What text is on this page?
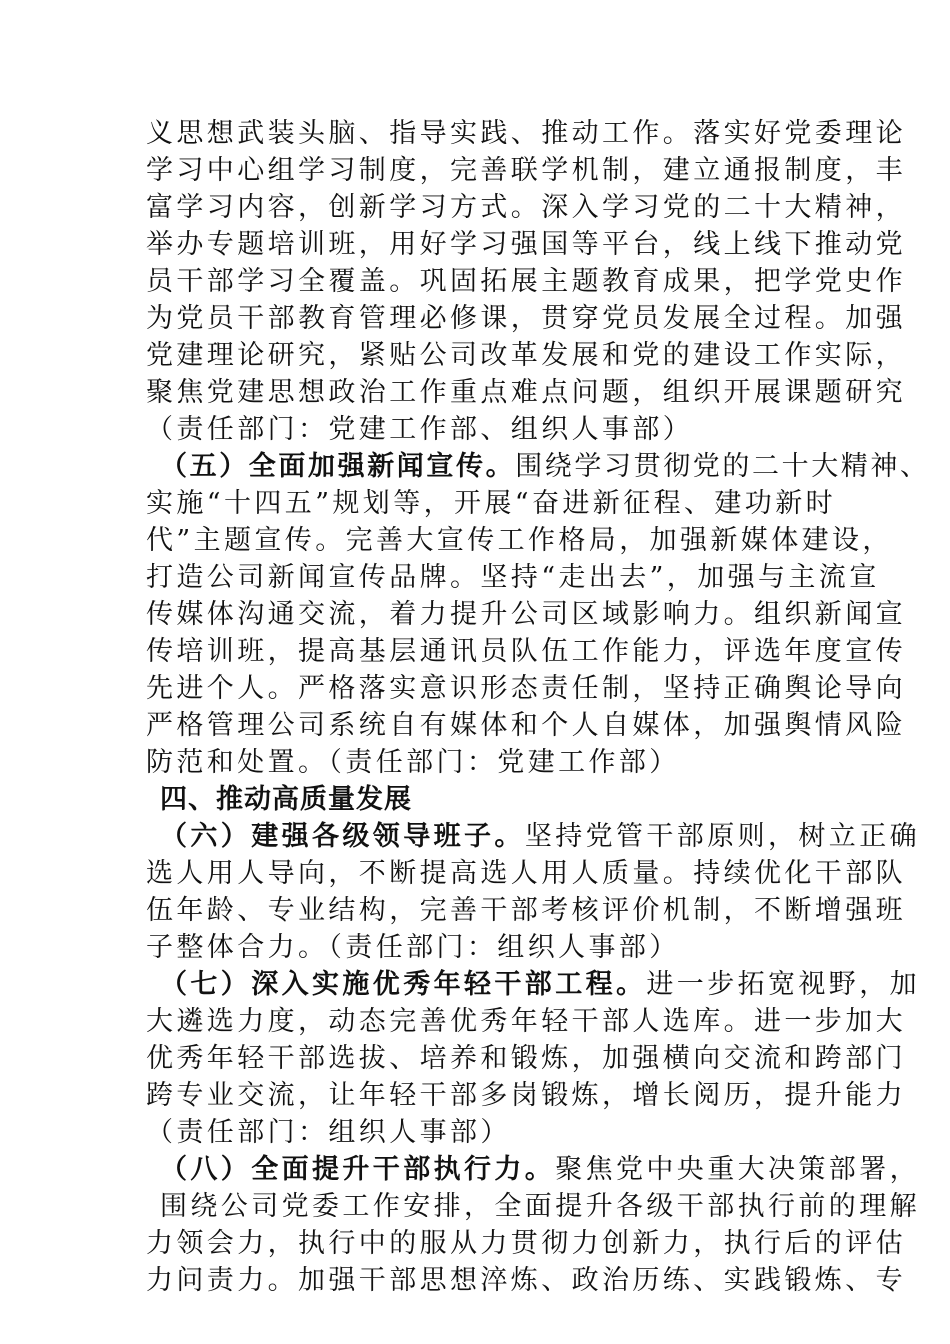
义思想武装头脑、指导实践、推动工作。落实好党委理论
学习中心组学习制度，完善联学机制，建立通报制度，丰
富学习内容，创新学习方式。深入学习党的二十大精神，
举办专题培训班，用好学习强国等平台，线上线下推动党
员干部学习全覆盖。巩固拓展主题教育成果，把学党史作
为党员干部教育管理必修课，贯穿党员发展全过程。加强
党建理论研究，紧贴公司改革发展和党的建设工作实际，
聚焦党建思想政治工作重点难点问题，组织开展课题研究
（责任部门：党建工作部、组织人事部）
（五）全面加强新闻宣传。围绕学习贯彻党的二十大精神、
实施“十四五”规划等，开展“奋进新征程、建功新时
代”主题宣传。完善大宣传工作格局，加强新媒体建设，
打造公司新闻宣传品牌。坚持“走出去”，加强与主流宣
传媒体沟通交流，着力提升公司区域影响力。组织新闻宣
传培训班，提高基层通讯员队伍工作能力，评选年度宣传
先进个人。严格落实意识形态责任制，坚持正确舆论导向
严格管理公司系统自有媒体和个人自媒体，加强舆情风险
防范和处置。（责任部门：党建工作部）
四、推动高质量发展
（六）建强各级领导班子。坚持党管干部原则，树立正确
选人用人导向，不断提高选人用人质量。持续优化干部队
伍年龄、专业结构，完善干部考核评价机制，不断增强班
子整体合力。（责任部门：组织人事部）
（七）深入实施优秀年轻干部工程。进一步拓宽视野，加
大遴选力度，动态完善优秀年轻干部人选库。进一步加大
优秀年轻干部选拔、培养和锻炼，加强横向交流和跨部门
跨专业交流，让年轻干部多岗锻炼，增长阅历，提升能力
（责任部门：组织人事部）
（八）全面提升干部执行力。聚焦党中央重大决策部署，
围绕公司党委工作安排，全面提升各级干部执行前的理解
力领会力，执行中的服从力贯彻力创新力，执行后的评估
力问责力。加强干部思想淬炼、政治历练、实践锻炼、专
